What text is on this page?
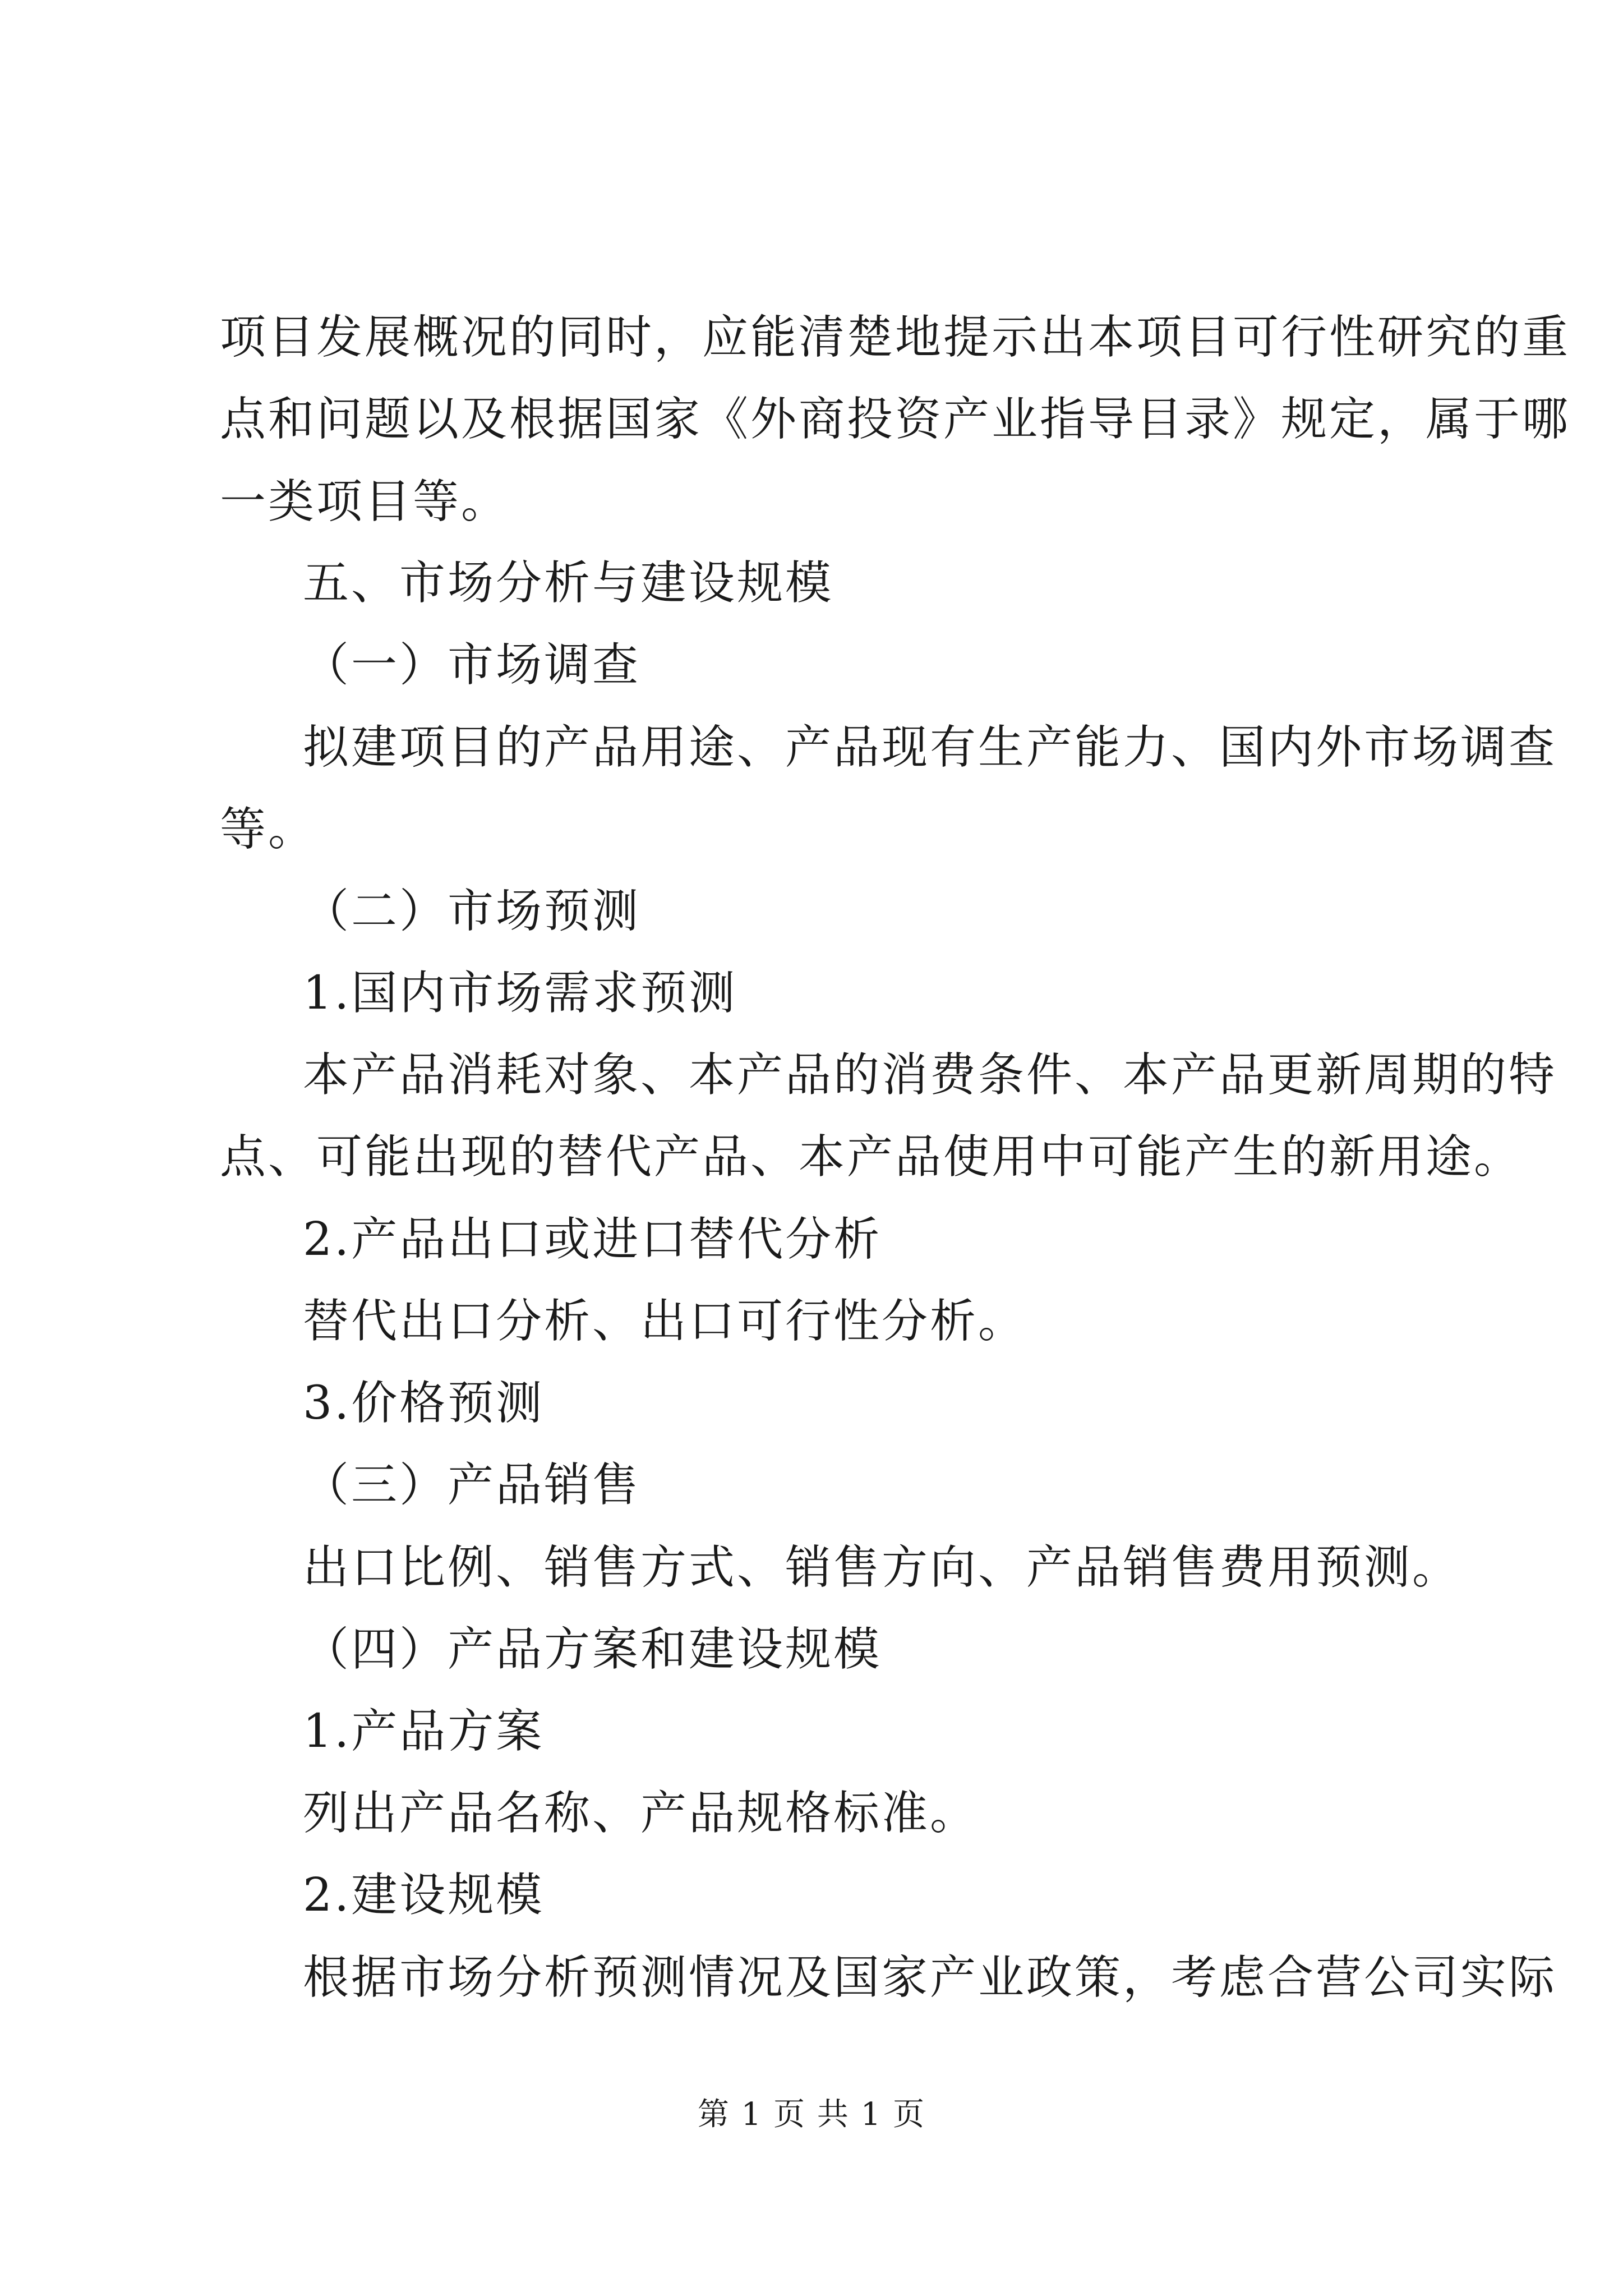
项目发展概况的同时，应能清楚地提示出本项目可行性研究的重

点和问题以及根据国家《外商投资产业指导目录》规定，属于哪

一类项目等。

五、市场分析与建设规模

（一）市场调查

拟建项目的产品用途、产品现有生产能力、国内外市场调查

等。

（二）市场预测

1.国内市场需求预测

本产品消耗对象、本产品的消费条件、本产品更新周期的特

点、可能出现的替代产品、本产品使用中可能产生的新用途。

2.产品出口或进口替代分析

替代出口分析、出口可行性分析。

3.价格预测

（三）产品销售

出口比例、销售方式、销售方向、产品销售费用预测。

（四）产品方案和建设规模

1.产品方案

列出产品名称、产品规格标准。

2.建设规模

根据市场分析预测情况及国家产业政策，考虑合营公司实际

第 1 页 共 1 页
